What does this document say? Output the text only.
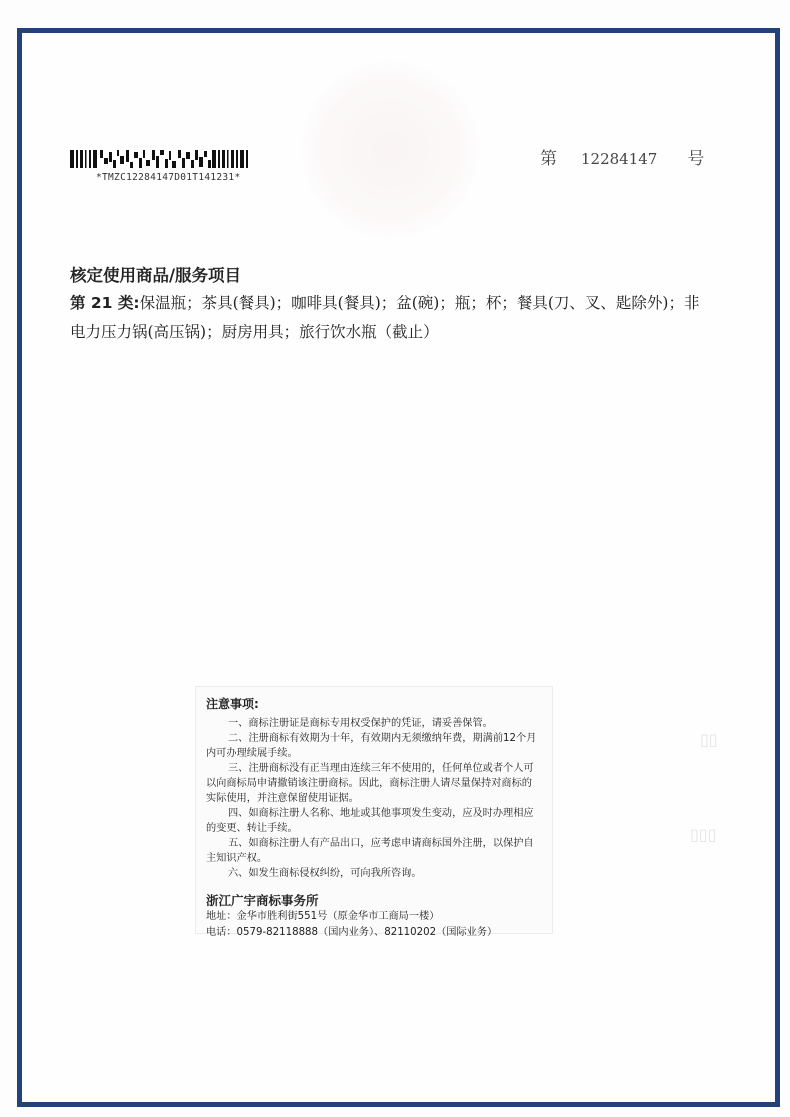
*TMZC12284147D01T141231*
第 12284147 号
核定使用商品/服务项目
第 21 类:保温瓶；茶具(餐具)；咖啡具(餐具)；盆(碗)；瓶；杯；餐具(刀、叉、匙除外)；非
电力压力锅(高压锅)；厨房用具；旅行饮水瓶（截止）
注意事项:

一、商标注册证是商标专用权受保护的凭证，请妥善保管。

二、注册商标有效期为十年，有效期内无须缴纳年费，期满前12个月内可办理续展手续。

三、注册商标没有正当理由连续三年不使用的，任何单位或者个人可以向商标局申请撤销该注册商标。因此，商标注册人请尽量保持对商标的实际使用，并注意保留使用证据。

四、如商标注册人名称、地址或其他事项发生变动，应及时办理相应的变更、转让手续。

五、如商标注册人有产品出口，应考虑申请商标国外注册，以保护自主知识产权。

六、如发生商标侵权纠纷，可向我所咨询。

浙江广宇商标事务所
地址：金华市胜利街551号（原金华市工商局一楼）
电话：0579-82118888（国内业务）、82110202（国际业务）
▯▯
▯▯▯
